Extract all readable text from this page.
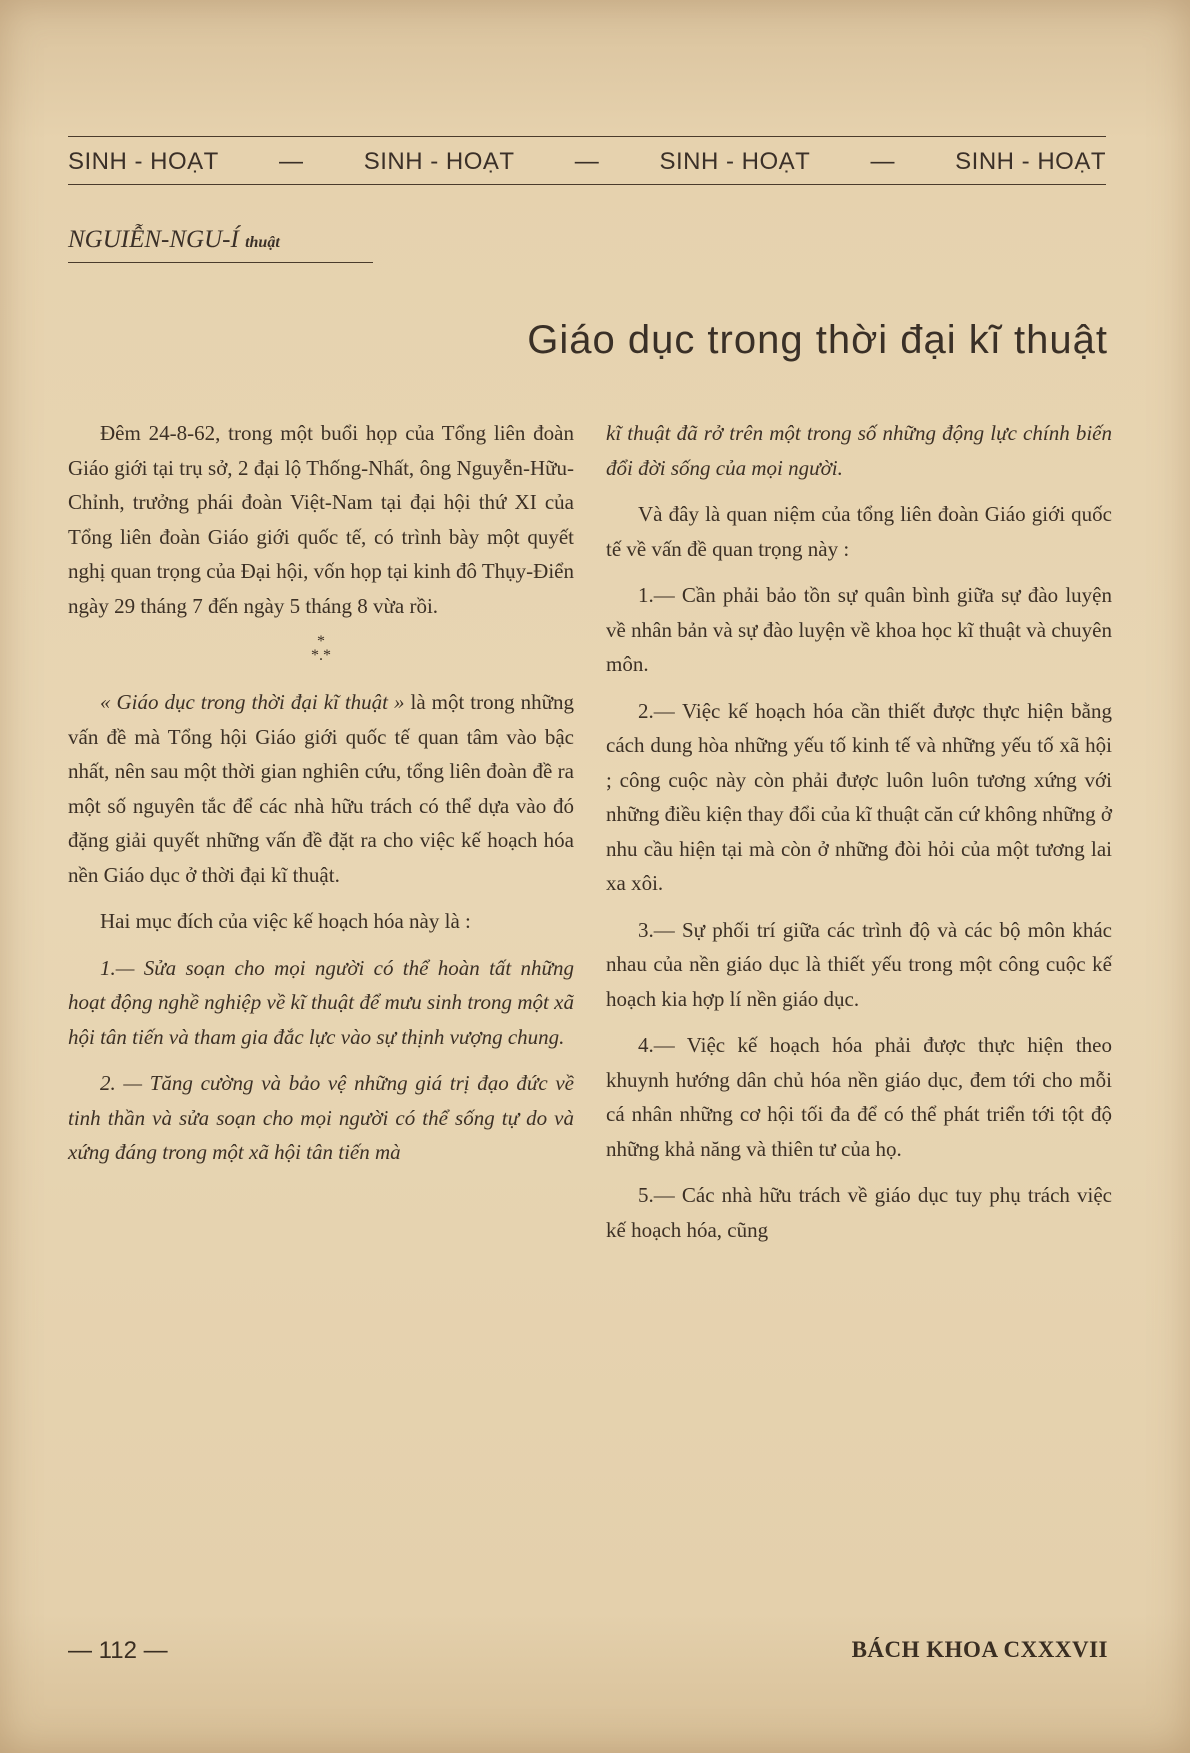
SINH - HOẠT	—	SINH - HOẠT	—	SINH - HOẠT	—	SINH - HOẠT
NGUIỄN-NGU-Í thuật
Giáo dục trong thời đại kĩ thuật

Đêm 24-8-62, trong một buổi họp của Tổng liên đoàn Giáo giới tại trụ sở, 2 đại lộ Thống-Nhất, ông Nguyễn-Hữu-Chỉnh, trưởng phái đoàn Việt-Nam tại đại hội thứ XI của Tổng liên đoàn Giáo giới quốc tế, có trình bày một quyết nghị quan trọng của Đại hội, vốn họp tại kinh đô Thụy-Điển ngày 29 tháng 7 đến ngày 5 tháng 8 vừa rồi.

*
*.*

« Giáo dục trong thời đại kĩ thuật » là một trong những vấn đề mà Tổng hội Giáo giới quốc tế quan tâm vào bậc nhất, nên sau một thời gian nghiên cứu, tổng liên đoàn đề ra một số nguyên tắc để các nhà hữu trách có thể dựa vào đó đặng giải quyết những vấn đề đặt ra cho việc kế hoạch hóa nền Giáo dục ở thời đại kĩ thuật.

Hai mục đích của việc kế hoạch hóa này là :

1.— Sửa soạn cho mọi người có thể hoàn tất những hoạt động nghề nghiệp về kĩ thuật để mưu sinh trong một xã hội tân tiến và tham gia đắc lực vào sự thịnh vượng chung.

2. — Tăng cường và bảo vệ những giá trị đạo đức về tinh thần và sửa soạn cho mọi người có thể sống tự do và xứng đáng trong một xã hội tân tiến mà

kĩ thuật đã rở trên một trong số những động lực chính biến đổi đời sống của mọi người.

Và đây là quan niệm của tổng liên đoàn Giáo giới quốc tế về vấn đề quan trọng này :

1.— Cần phải bảo tồn sự quân bình giữa sự đào luyện về nhân bản và sự đào luyện về khoa học kĩ thuật và chuyên môn.

2.— Việc kế hoạch hóa cần thiết được thực hiện bằng cách dung hòa những yếu tố kinh tế và những yếu tố xã hội ; công cuộc này còn phải được luôn luôn tương xứng với những điều kiện thay đổi của kĩ thuật căn cứ không những ở nhu cầu hiện tại mà còn ở những đòi hỏi của một tương lai xa xôi.

3.— Sự phối trí giữa các trình độ và các bộ môn khác nhau của nền giáo dục là thiết yếu trong một công cuộc kế hoạch kia hợp lí nền giáo dục.

4.— Việc kế hoạch hóa phải được thực hiện theo khuynh hướng dân chủ hóa nền giáo dục, đem tới cho mỗi cá nhân những cơ hội tối đa để có thể phát triển tới tột độ những khả năng và thiên tư của họ.

5.— Các nhà hữu trách về giáo dục tuy phụ trách việc kế hoạch hóa, cũng

— 112 —	BÁCH KHOA CXXXVII
